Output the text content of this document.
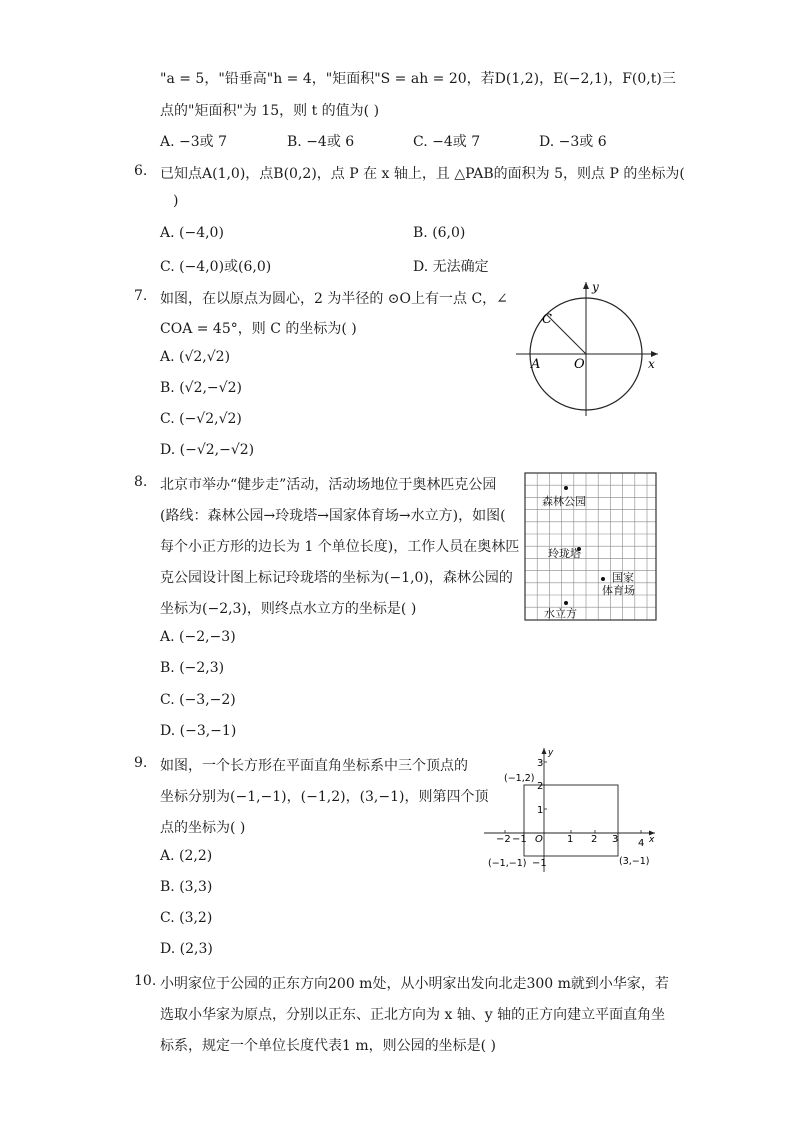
"a = 5，"铅垂高"h = 4，"矩面积"S = ah = 20，若D(1,2)，E(−2,1)，F(0,t)三
点的"矩面积"为 15，则 t 的值为( )
A. −3或 7	B. −4或 6	C. −4或 7	D. −3或 6
6. 已知点A(1,0)，点B(0,2)，点 P 在 x 轴上，且 △PAB的面积为 5，则点 P 的坐标为(
)
A. (−4,0)	B. (6,0)
C. (−4,0)或(6,0)	D. 无法确定
7. 如图，在以原点为圆心，2 为半径的 ⊙O上有一点 C，∠
COA = 45°，则 C 的坐标为( )
A. (√2,√2)
B. (√2,−√2)
C. (−√2,√2)
D. (−√2,−√2)
y
x
C
A	O
8. 北京市举办“健步走”活动，活动场地位于奥林匹克公园
(路线：森林公园→玲珑塔→国家体育场→水立方)，如图(
每个小正方形的边长为 1 个单位长度)，工作人员在奥林匹
克公园设计图上标记玲珑塔的坐标为(−1,0)，森林公园的
坐标为(−2,3)，则终点水立方的坐标是( )
A. (−2,−3)
B. (−2,3)
C. (−3,−2)
D. (−3,−1)
森林公园
玲珑塔
国家
体育场
水立方
9. 如图，一个长方形在平面直角坐标系中三个顶点的
坐标分别为(−1,−1)，(−1,2)，(3,−1)，则第四个顶
点的坐标为( )
A. (2,2)
B. (3,3)
C. (3,2)
D. (2,3)
y
x
O
−2 −1	1 2 3 4
3
2
1
−1
(−1,2)
(−1,−1)	(3,−1)
10. 小明家位于公园的正东方向200 m处，从小明家出发向北走300 m就到小华家，若
选取小华家为原点，分别以正东、正北方向为 x 轴、y 轴的正方向建立平面直角坐
标系，规定一个单位长度代表1 m，则公园的坐标是( )
